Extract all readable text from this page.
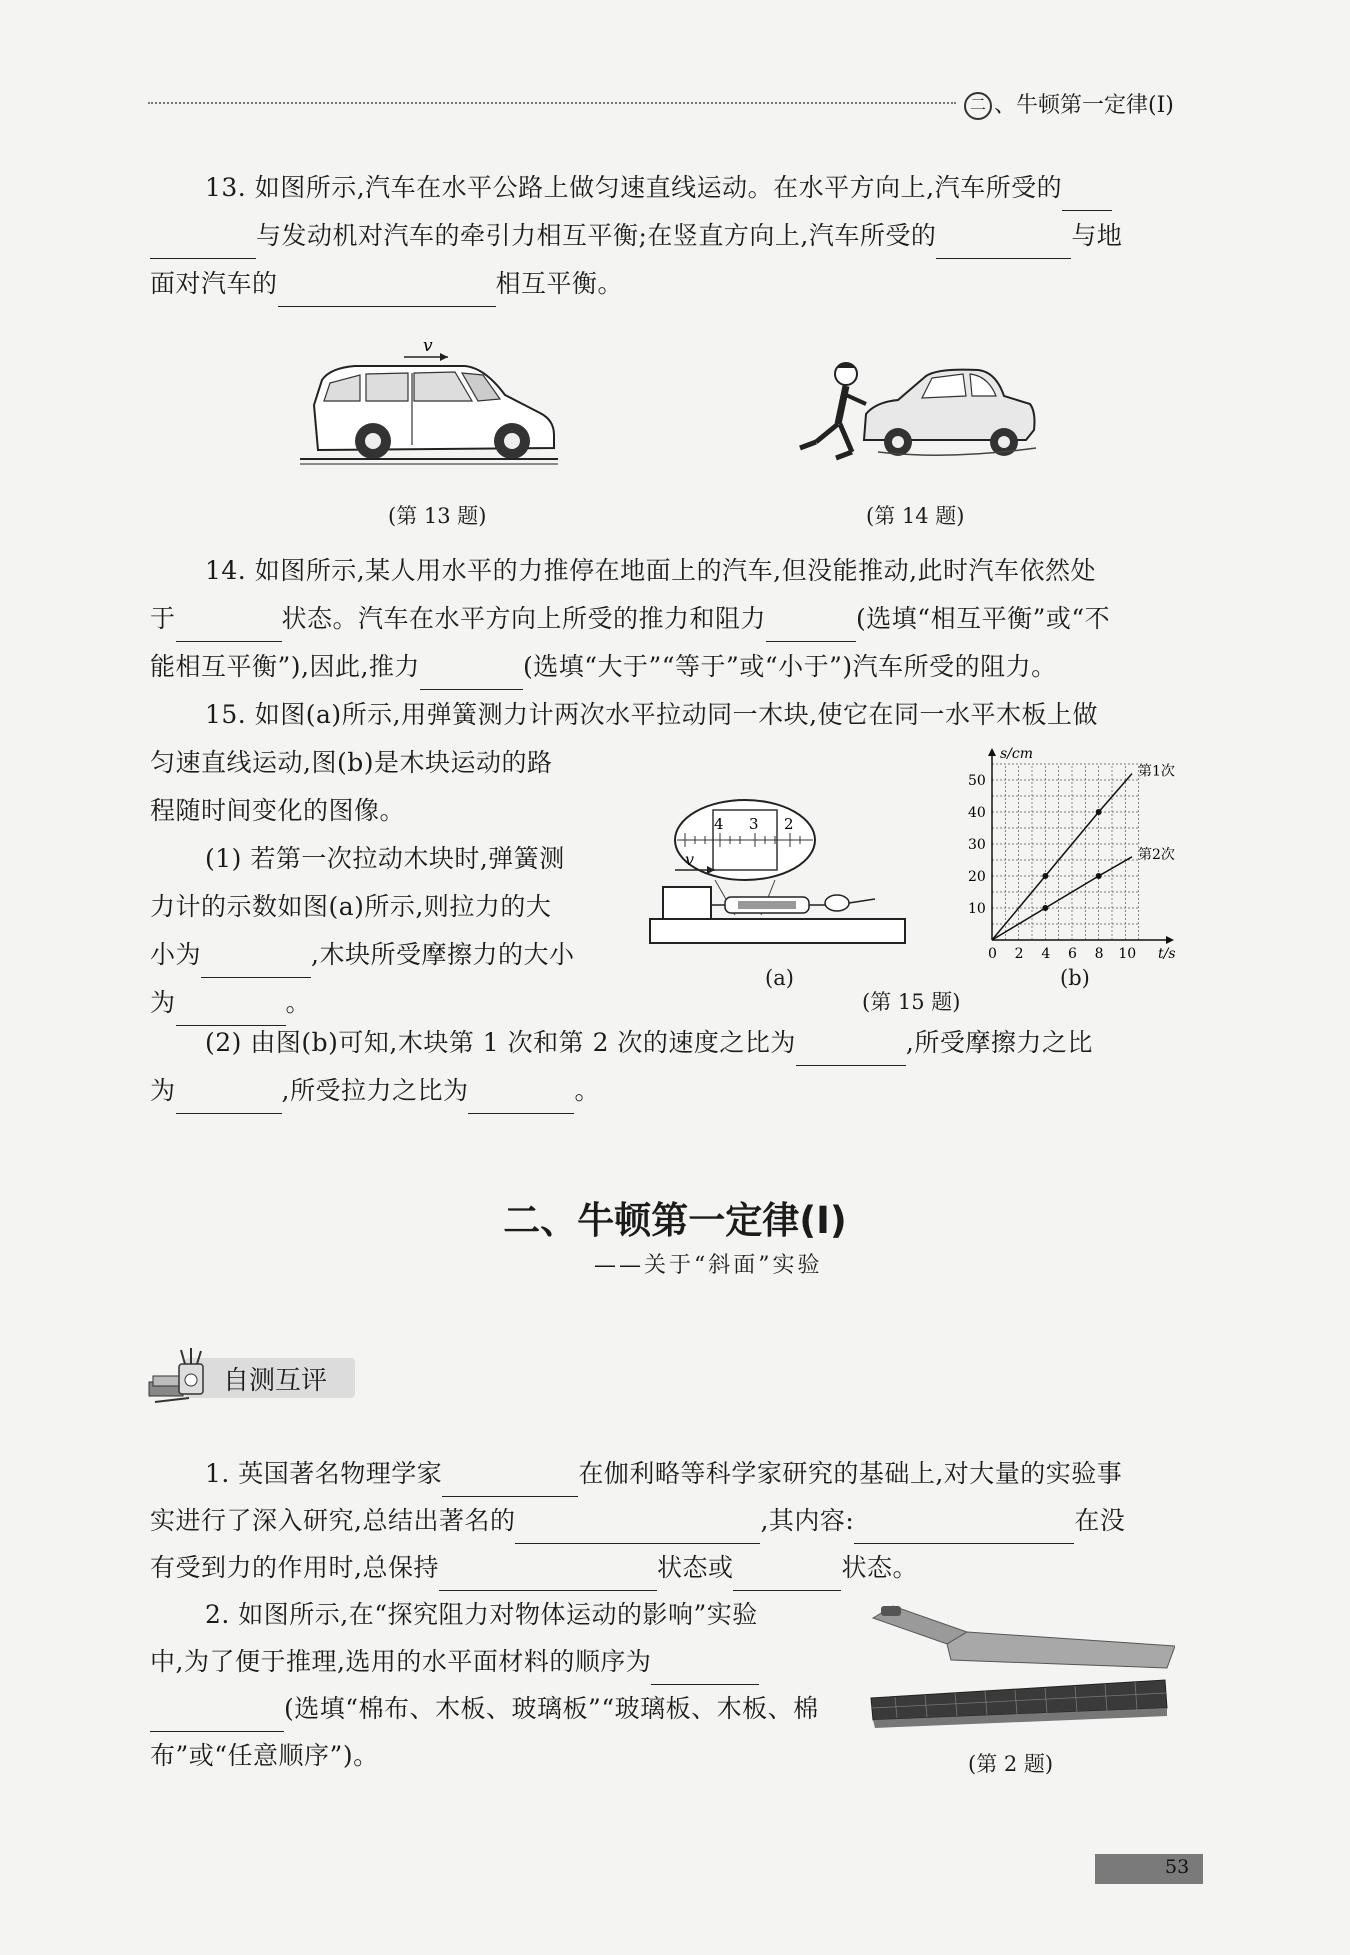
二 、牛顿第一定律(Ⅰ)
13. 如图所示,汽车在水平公路上做匀速直线运动。在水平方向上,汽车所受的
与发动机对汽车的牵引力相互平衡;在竖直方向上,汽车所受的	与地
面对汽车的	相互平衡。
v
(第 13 题)	(第 14 题)
14. 如图所示,某人用水平的力推停在地面上的汽车,但没能推动,此时汽车依然处
于	状态。汽车在水平方向上所受的推力和阻力	(选填“相互平衡”或“不
能相互平衡”),因此,推力	(选填“大于”“等于”或“小于”)汽车所受的阻力。
15. 如图(a)所示,用弹簧测力计两次水平拉动同一木块,使它在同一水平木板上做
匀速直线运动,图(b)是木块运动的路
程随时间变化的图像。
(1) 若第一次拉动木块时,弹簧测
力计的示数如图(a)所示,则拉力的大
小为	,木块所受摩擦力的大小
为	。
4 3 2
v
(a)
s/cm
t/s
0 2 4 6 8 10
10
20
30
40
50
第1次
第2次
(b)
(第 15 题)
(2) 由图(b)可知,木块第 1 次和第 2 次的速度之比为	,所受摩擦力之比
为	,所受拉力之比为	。
二、牛顿第一定律(Ⅰ)
——关于“斜面”实验
自测互评
1. 英国著名物理学家	在伽利略等科学家研究的基础上,对大量的实验事
实进行了深入研究,总结出著名的	,其内容:	在没
有受到力的作用时,总保持	状态或	状态。
2. 如图所示,在“探究阻力对物体运动的影响”实验
中,为了便于推理,选用的水平面材料的顺序为
(选填“棉布、木板、玻璃板”“玻璃板、木板、棉
布”或“任意顺序”)。	(第 2 题)
53
